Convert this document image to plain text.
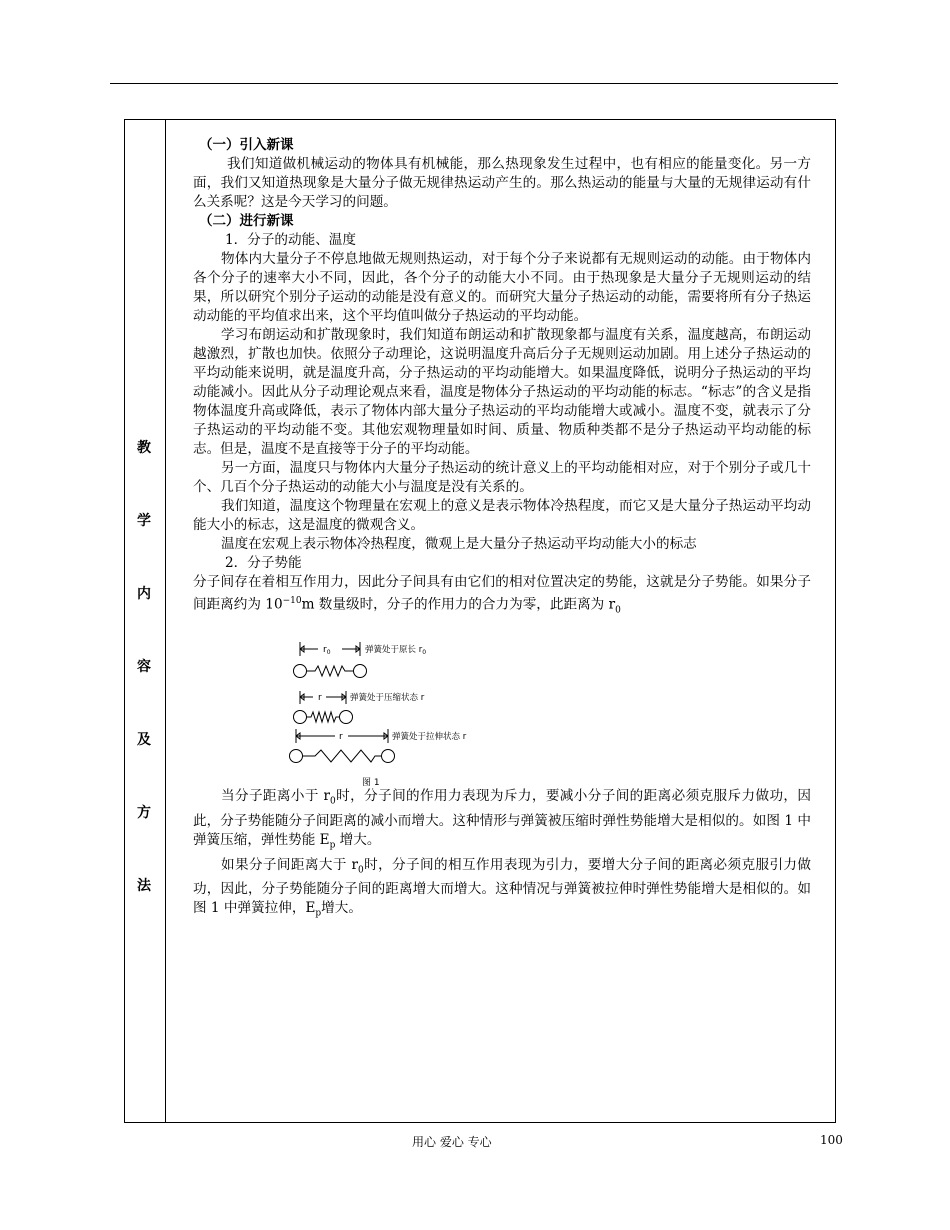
教
学
内
容
及
方
法

（一）引入新课

我们知道做机械运动的物体具有机械能，那么热现象发生过程中，也有相应的能量变化。另一方面，我们又知道热现象是大量分子做无规律热运动产生的。那么热运动的能量与大量的无规律运动有什么关系呢？这是今天学习的问题。

（二）进行新课

1．分子的动能、温度

物体内大量分子不停息地做无规则热运动，对于每个分子来说都有无规则运动的动能。由于物体内各个分子的速率大小不同，因此，各个分子的动能大小不同。由于热现象是大量分子无规则运动的结果，所以研究个别分子运动的动能是没有意义的。而研究大量分子热运动的动能，需要将所有分子热运动动能的平均值求出来，这个平均值叫做分子热运动的平均动能。

学习布朗运动和扩散现象时，我们知道布朗运动和扩散现象都与温度有关系，温度越高，布朗运动越激烈，扩散也加快。依照分子动理论，这说明温度升高后分子无规则运动加剧。用上述分子热运动的平均动能来说明，就是温度升高，分子热运动的平均动能增大。如果温度降低，说明分子热运动的平均动能减小。因此从分子动理论观点来看，温度是物体分子热运动的平均动能的标志。“标志”的含义是指物体温度升高或降低，表示了物体内部大量分子热运动的平均动能增大或减小。温度不变，就表示了分子热运动的平均动能不变。其他宏观物理量如时间、质量、物质种类都不是分子热运动平均动能的标志。但是，温度不是直接等于分子的平均动能。

另一方面，温度只与物体内大量分子热运动的统计意义上的平均动能相对应，对于个别分子或几十个、几百个分子热运动的动能大小与温度是没有关系的。

我们知道，温度这个物理量在宏观上的意义是表示物体冷热程度，而它又是大量分子热运动平均动能大小的标志，这是温度的微观含义。

温度在宏观上表示物体冷热程度，微观上是大量分子热运动平均动能大小的标志

2．分子势能

分子间存在着相互作用力，因此分子间具有由它们的相对位置决定的势能，这就是分子势能。如果分子间距离约为 $10^{-10}m$ 数量级时，分子的作用力的合力为零，此距离为 $r_0$

$r_0$	弹簧处于原长 $r_0$
r	弹簧处于压缩状态 r
r	弹簧处于拉伸状态 r
图 1

当分子距离小于 $r_0$时，分子间的作用力表现为斥力，要减小分子间的距离必须克服斥力做功，因此，分子势能随分子间距离的减小而增大。这种情形与弹簧被压缩时弹性势能增大是相似的。如图 1 中弹簧压缩，弹性势能 $E_p$ 增大。

如果分子间距离大于 $r_0$时，分子间的相互作用表现为引力，要增大分子间的距离必须克服引力做功，因此，分子势能随分子间的距离增大而增大。这种情况与弹簧被拉伸时弹性势能增大是相似的。如图 1 中弹簧拉伸，$E_p$增大。

用心 爱心 专心	100
